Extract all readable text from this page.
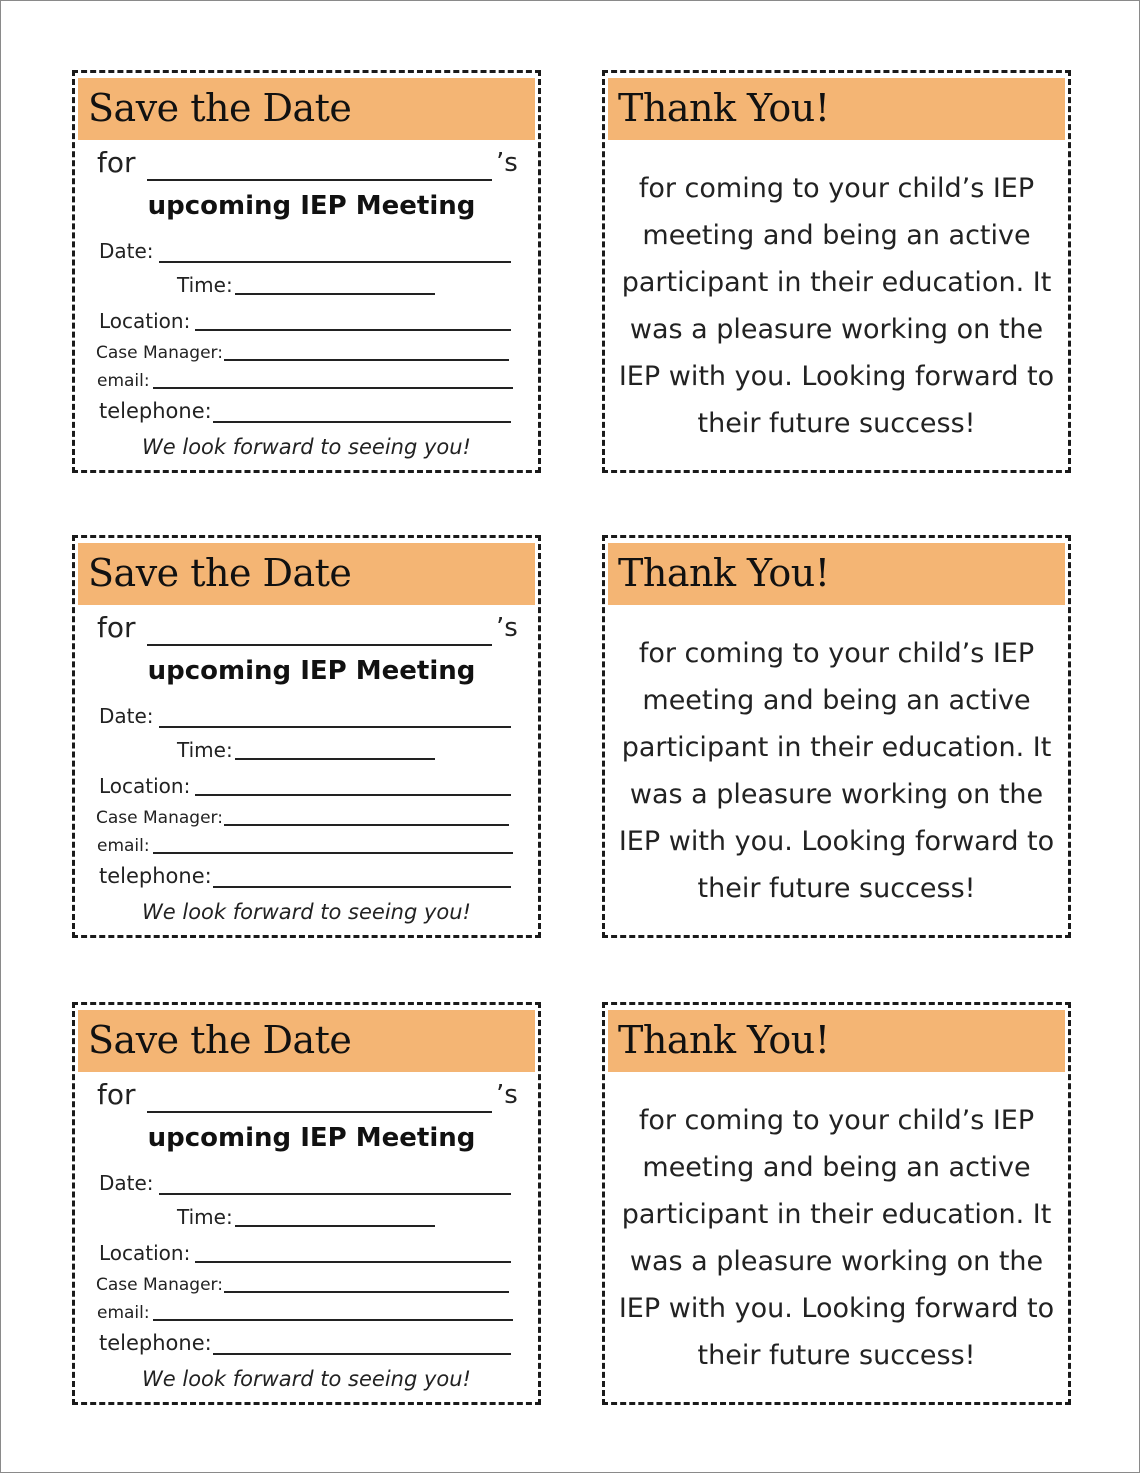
Save the Date
for	’s
upcoming IEP Meeting
Date:
Time:
Location:
Case Manager:
email:
telephone:
We look forward to seeing you!
Thank You!
for coming to your child’s IEP
meeting and being an active
participant in their education. It
was a pleasure working on the
IEP with you. Looking forward to
their future success!
Save the Date
for	’s
upcoming IEP Meeting
Date:
Time:
Location:
Case Manager:
email:
telephone:
We look forward to seeing you!
Thank You!
for coming to your child’s IEP
meeting and being an active
participant in their education. It
was a pleasure working on the
IEP with you. Looking forward to
their future success!
Save the Date
for	’s
upcoming IEP Meeting
Date:
Time:
Location:
Case Manager:
email:
telephone:
We look forward to seeing you!
Thank You!
for coming to your child’s IEP
meeting and being an active
participant in their education. It
was a pleasure working on the
IEP with you. Looking forward to
their future success!
